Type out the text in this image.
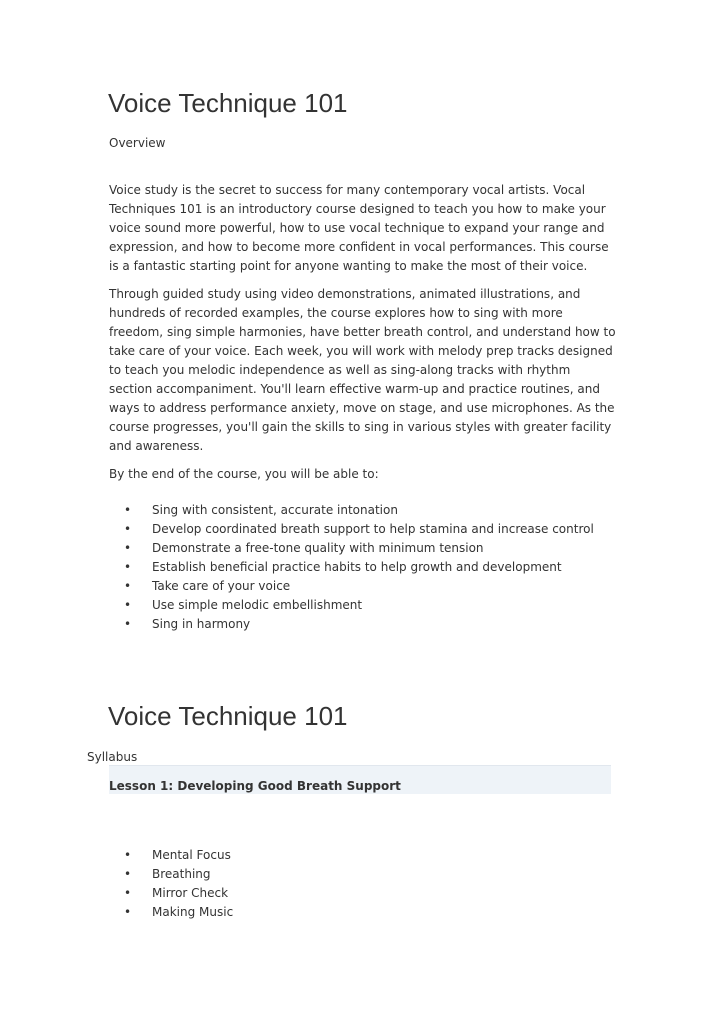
Voice Technique 101

Overview

Voice study is the secret to success for many contemporary vocal artists. Vocal
Techniques 101 is an introductory course designed to teach you how to make your
voice sound more powerful, how to use vocal technique to expand your range and
expression, and how to become more confident in vocal performances. This course
is a fantastic starting point for anyone wanting to make the most of their voice.
Through guided study using video demonstrations, animated illustrations, and
hundreds of recorded examples, the course explores how to sing with more
freedom, sing simple harmonies, have better breath control, and understand how to
take care of your voice. Each week, you will work with melody prep tracks designed
to teach you melodic independence as well as sing-along tracks with rhythm
section accompaniment. You'll learn effective warm-up and practice routines, and
ways to address performance anxiety, move on stage, and use microphones. As the
course progresses, you'll gain the skills to sing in various styles with greater facility
and awareness.
By the end of the course, you will be able to:
• Sing with consistent, accurate intonation
• Develop coordinated breath support to help stamina and increase control
• Demonstrate a free-tone quality with minimum tension
• Establish beneficial practice habits to help growth and development
• Take care of your voice
• Use simple melodic embellishment
• Sing in harmony
Voice Technique 101

Syllabus

Lesson 1: Developing Good Breath Support
• Mental Focus
• Breathing
• Mirror Check
• Making Music
